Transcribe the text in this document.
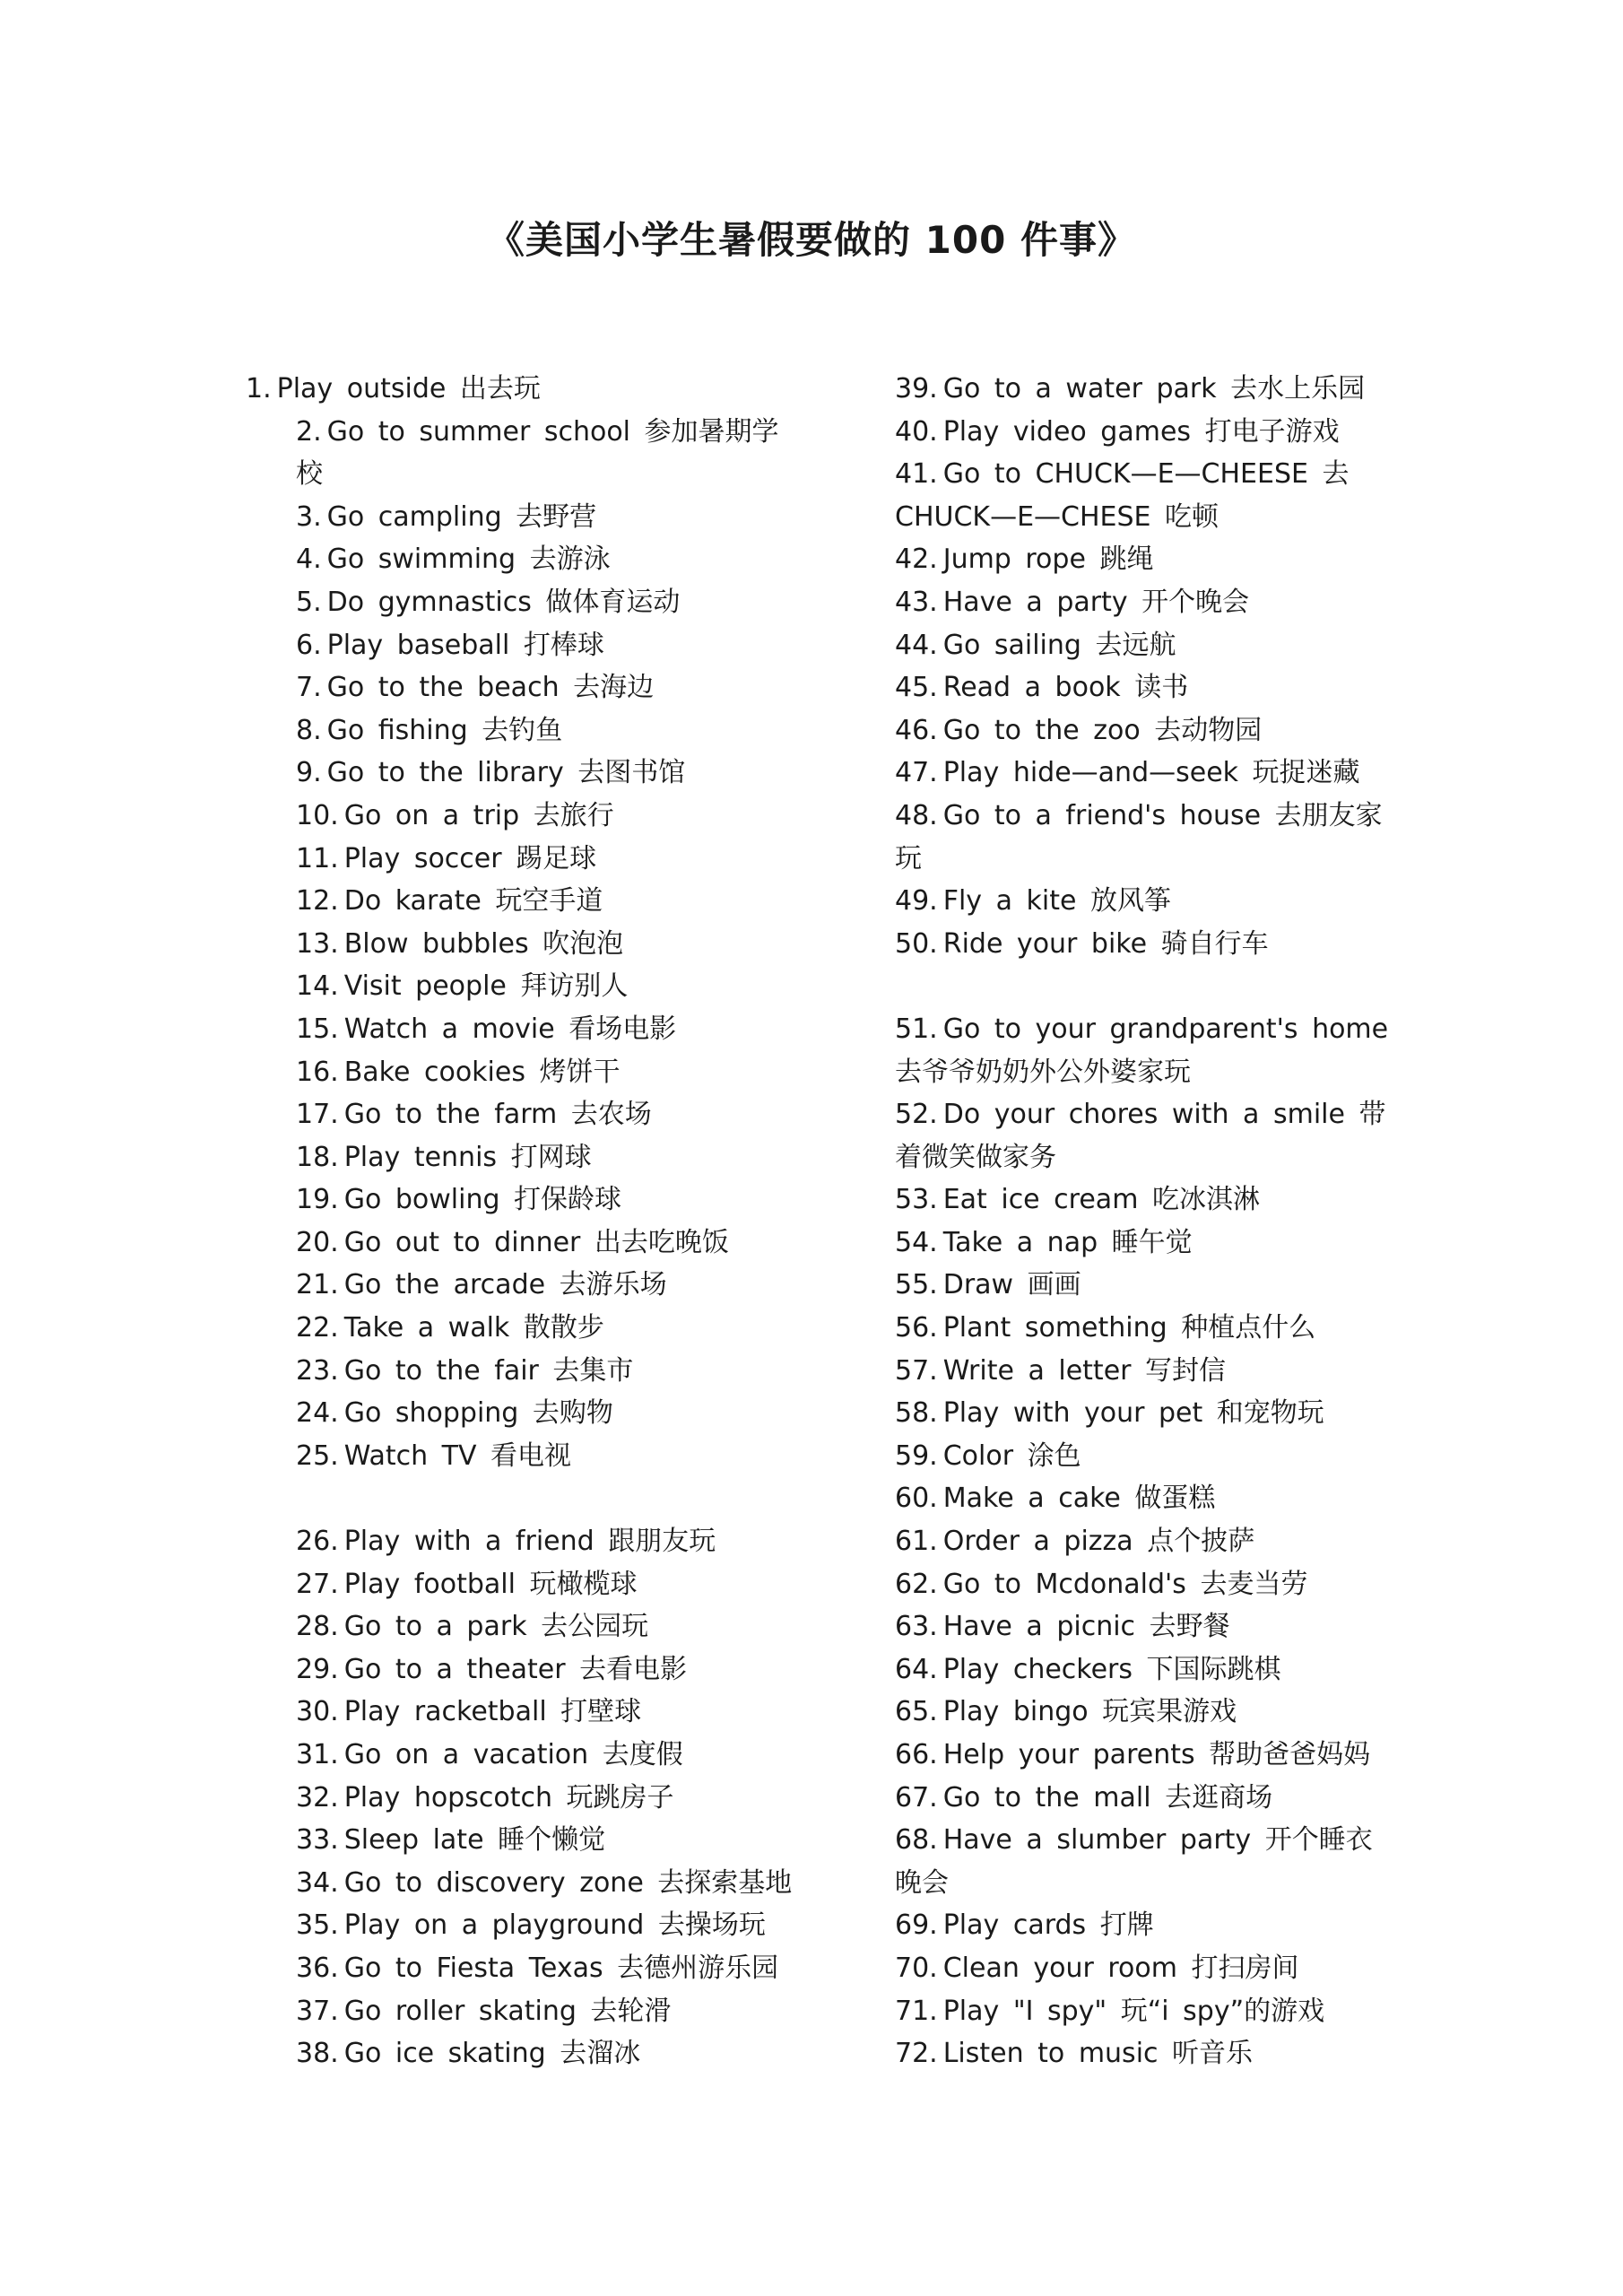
《美国小学生暑假要做的 100 件事》
1. Play outside 出去玩
2. Go to summer school 参加暑期学校
3. Go campling 去野营
4. Go swimming 去游泳
5. Do gymnastics 做体育运动
6. Play baseball 打棒球
7. Go to the beach 去海边
8. Go fishing 去钓鱼
9. Go to the library 去图书馆
10. Go on a trip 去旅行
11. Play soccer 踢足球
12. Do karate 玩空手道
13. Blow bubbles 吹泡泡
14. Visit people 拜访别人
15. Watch a movie 看场电影
16. Bake cookies 烤饼干
17. Go to the farm 去农场
18. Play tennis 打网球
19. Go bowling 打保龄球
20. Go out to dinner 出去吃晚饭
21. Go the arcade 去游乐场
22. Take a walk 散散步
23. Go to the fair 去集市
24. Go shopping 去购物
25. Watch TV 看电视
26. Play with a friend 跟朋友玩
27. Play football 玩橄榄球
28. Go to a park 去公园玩
29. Go to a theater 去看电影
30. Play racketball 打壁球
31. Go on a vacation 去度假
32. Play hopscotch 玩跳房子
33. Sleep late 睡个懒觉
34. Go to discovery zone 去探索基地
35. Play on a playground 去操场玩
36. Go to Fiesta Texas 去德州游乐园
37. Go roller skating 去轮滑
38. Go ice skating 去溜冰
39. Go to a water park 去水上乐园
40. Play video games 打电子游戏
41. Go to CHUCK—E—CHEESE 去 CHUCK—E—CHESE 吃顿
42. Jump rope 跳绳
43. Have a party 开个晚会
44. Go sailing 去远航
45. Read a book 读书
46. Go to the zoo 去动物园
47. Play hide—and—seek 玩捉迷藏
48. Go to a friend's house 去朋友家玩
49. Fly a kite 放风筝
50. Ride your bike 骑自行车
51. Go to your grandparent's home 去爷爷奶奶外公外婆家玩
52. Do your chores with a smile 带着微笑做家务
53. Eat ice cream 吃冰淇淋
54. Take a nap 睡午觉
55. Draw 画画
56. Plant something 种植点什么
57. Write a letter 写封信
58. Play with your pet 和宠物玩
59. Color 涂色
60. Make a cake 做蛋糕
61. Order a pizza 点个披萨
62. Go to Mcdonald's 去麦当劳
63. Have a picnic 去野餐
64. Play checkers 下国际跳棋
65. Play bingo 玩宾果游戏
66. Help your parents 帮助爸爸妈妈
67. Go to the mall 去逛商场
68. Have a slumber party 开个睡衣晚会
69. Play cards 打牌
70. Clean your room 打扫房间
71. Play "I spy" 玩“i spy”的游戏
72. Listen to music 听音乐
